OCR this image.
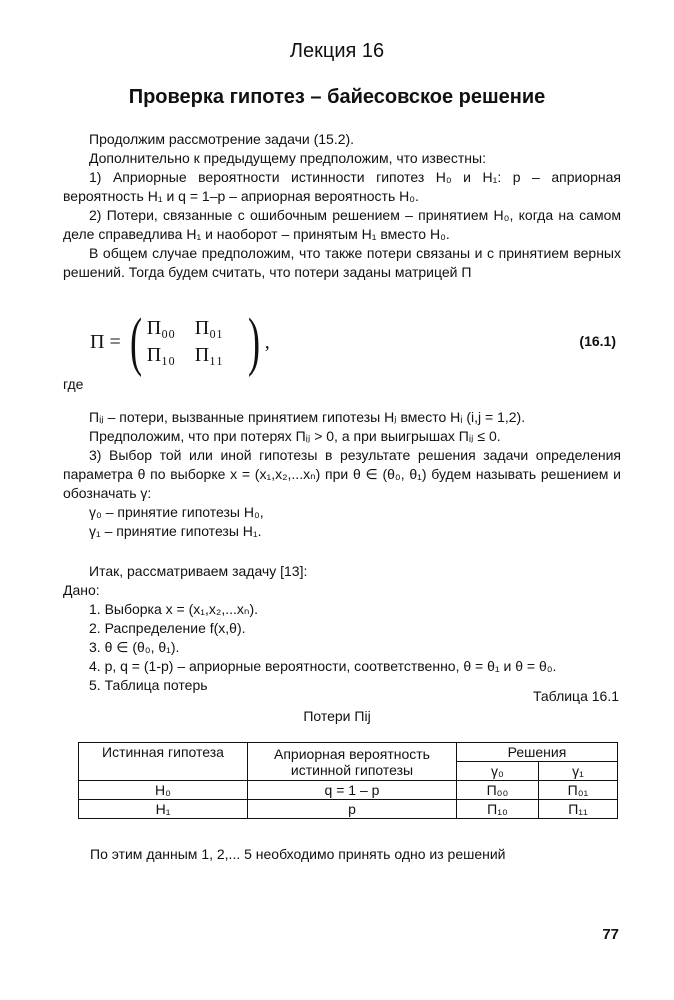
Лекция 16
Проверка гипотез – байесовское решение

Продолжим рассмотрение задачи (15.2).

Дополнительно к предыдущему предположим, что известны:

1) Априорные вероятности истинности гипотез H₀ и H₁: p – априорная вероятность H₁ и q = 1–p – априорная вероятность H₀.

2) Потери, связанные с ошибочным решением – принятием H₀, когда на самом деле справедлива H₁ и наоборот – принятым H₁ вместо H₀.

В общем случае предположим, что также потери связаны и с принятием верных решений. Тогда будем считать, что потери заданы матрицей П

П = ( П₀₀ П₀₁
П₁₀ П₁₁ ) ,	(16.1)
где

Пᵢⱼ – потери, вызванные принятием гипотезы Hⱼ вместо Hᵢ (i,j = 1,2).

Предположим, что при потерях Пᵢⱼ > 0, а при выигрышах Пᵢⱼ ≤ 0.

3) Выбор той или иной гипотезы в результате решения задачи определения параметра θ по выборке x = (x₁,x₂,...xₙ) при θ ∈ (θ₀, θ₁) будем называть решением и обозначать γ:

γ₀ – принятие гипотезы H₀,

γ₁ – принятие гипотезы H₁.

Итак, рассматриваем задачу [13]:

Дано:

1. Выборка x = (x₁,x₂,...xₙ).

2. Распределение f(x,θ).

3. θ ∈ (θ₀, θ₁).

4. p, q = (1-p) – априорные вероятности, соответственно, θ = θ₁ и θ = θ₀.

5. Таблица потерь

Таблица 16.1
Потери Пij
Истинная гипотеза	Априорная вероятность истинной гипотезы	Решения	
		γ₀	γ₁
H₀	q = 1 – p	П₀₀	П₀₁
H₁	p	П₁₀	П₁₁
По этим данным 1, 2,... 5 необходимо принять одно из решений
77
